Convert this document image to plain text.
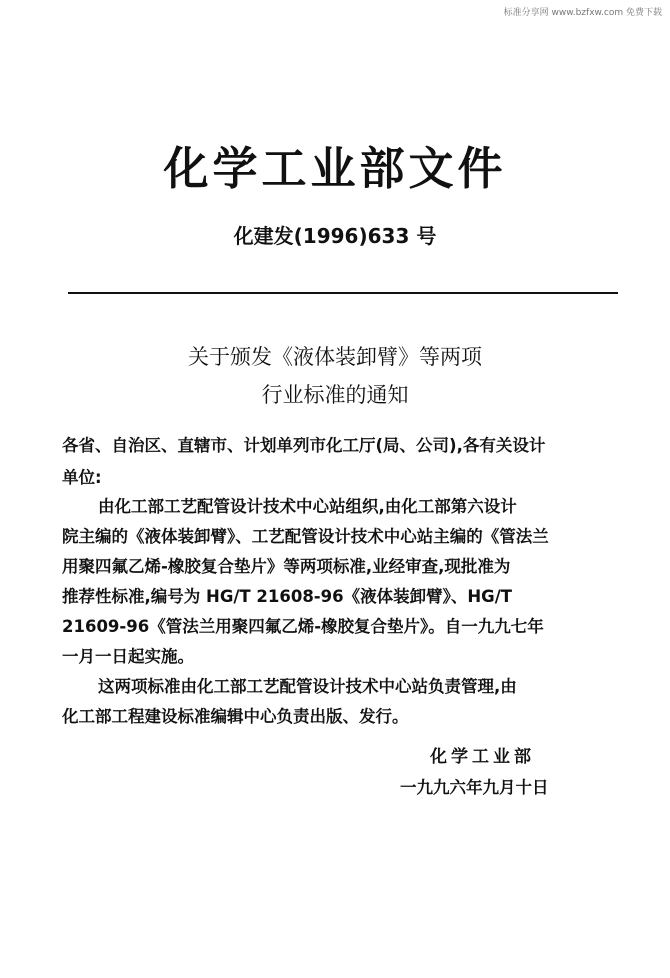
标准分享网 www.bzfxw.com 免费下载
化学工业部文件
化建发(1996)633 号
关于颁发《液体装卸臂》等两项
行业标准的通知
各省、自治区、直辖市、计划单列市化工厅(局、公司),各有关设计
单位:
由化工部工艺配管设计技术中心站组织,由化工部第六设计
院主编的《液体装卸臂》、工艺配管设计技术中心站主编的《管法兰
用聚四氟乙烯-橡胶复合垫片》等两项标准,业经审查,现批准为
推荐性标准,编号为 HG/T 21608-96《液体装卸臂》、HG/T
21609-96《管法兰用聚四氟乙烯-橡胶复合垫片》。自一九九七年
一月一日起实施。
这两项标准由化工部工艺配管设计技术中心站负责管理,由
化工部工程建设标准编辑中心负责出版、发行。
化学工业部
一九九六年九月十日
